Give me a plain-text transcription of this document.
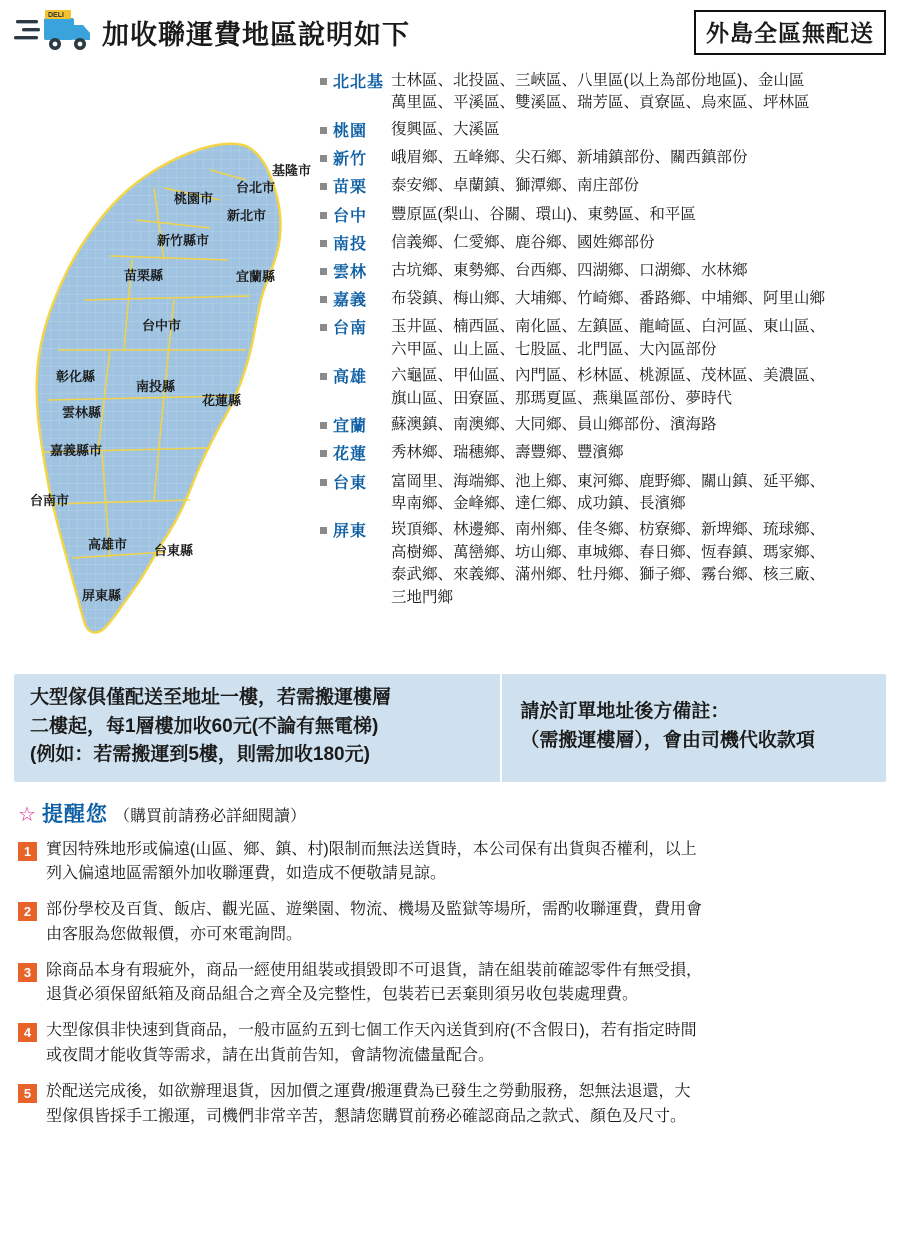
DELI
加收聯運費地區說明如下	外島全區無配送
基隆市
台北市
桃園市
新北市
新竹縣市
苗栗縣	宜蘭縣
台中市
彰化縣
南投縣
花蓮縣
雲林縣
嘉義縣市
台南市
高雄市 台東縣
屏東縣
北北基 士林區、北投區、三峽區、八里區(以上為部份地區)、金山區
萬里區、平溪區、雙溪區、瑞芳區、貢寮區、烏來區、坪林區
桃園	復興區、大溪區
新竹	峨眉鄉、五峰鄉、尖石鄉、新埔鎮部份、關西鎮部份
苗栗	泰安鄉、卓蘭鎮、獅潭鄉、南庄部份
台中	豐原區(梨山、谷關、環山)、東勢區、和平區
南投	信義鄉、仁愛鄉、鹿谷鄉、國姓鄉部份
雲林	古坑鄉、東勢鄉、台西鄉、四湖鄉、口湖鄉、水林鄉
嘉義	布袋鎮、梅山鄉、大埔鄉、竹崎鄉、番路鄉、中埔鄉、阿里山鄉
台南	玉井區、楠西區、南化區、左鎮區、龍崎區、白河區、東山區、
六甲區、山上區、七股區、北門區、大內區部份
高雄	六龜區、甲仙區、內門區、杉林區、桃源區、茂林區、美濃區、
旗山區、田寮區、那瑪夏區、燕巢區部份、夢時代
宜蘭	蘇澳鎮、南澳鄉、大同鄉、員山鄉部份、濱海路
花蓮	秀林鄉、瑞穗鄉、壽豐鄉、豐濱鄉
台東	富岡里、海端鄉、池上鄉、東河鄉、鹿野鄉、關山鎮、延平鄉、
卑南鄉、金峰鄉、達仁鄉、成功鎮、長濱鄉
屏東	崁頂鄉、林邊鄉、南州鄉、佳冬鄉、枋寮鄉、新埤鄉、琉球鄉、
高樹鄉、萬巒鄉、坊山鄉、車城鄉、春日鄉、恆春鎮、瑪家鄉、
泰武鄉、來義鄉、滿州鄉、牡丹鄉、獅子鄉、霧台鄉、核三廠、
三地門鄉
大型傢俱僅配送至地址一樓，若需搬運樓層
二樓起，每1層樓加收60元(不論有無電梯)
(例如：若需搬運到5樓，則需加收180元)
請於訂單地址後方備註：
（需搬運樓層），會由司機代收款項
☆ 提醒您 （購買前請務必詳細閱讀）
1 實因特殊地形或偏遠(山區、鄉、鎮、村)限制而無法送貨時，本公司保有出貨與否權利，以上
列入偏遠地區需額外加收聯運費，如造成不便敬請見諒。
2 部份學校及百貨、飯店、觀光區、遊樂園、物流、機場及監獄等場所，需酌收聯運費，費用會
由客服為您做報價，亦可來電詢問。
3 除商品本身有瑕疵外，商品一經使用組裝或損毀即不可退貨，請在組裝前確認零件有無受損，
退貨必須保留紙箱及商品組合之齊全及完整性，包裝若已丟棄則須另收包裝處理費。
4 大型傢俱非快速到貨商品，一般市區約五到七個工作天內送貨到府(不含假日)，若有指定時間
或夜間才能收貨等需求，請在出貨前告知，會請物流儘量配合。
5 於配送完成後，如欲辦理退貨，因加價之運費/搬運費為已發生之勞動服務，恕無法退還，大
型傢俱皆採手工搬運，司機們非常辛苦，懇請您購買前務必確認商品之款式、顏色及尺寸。
